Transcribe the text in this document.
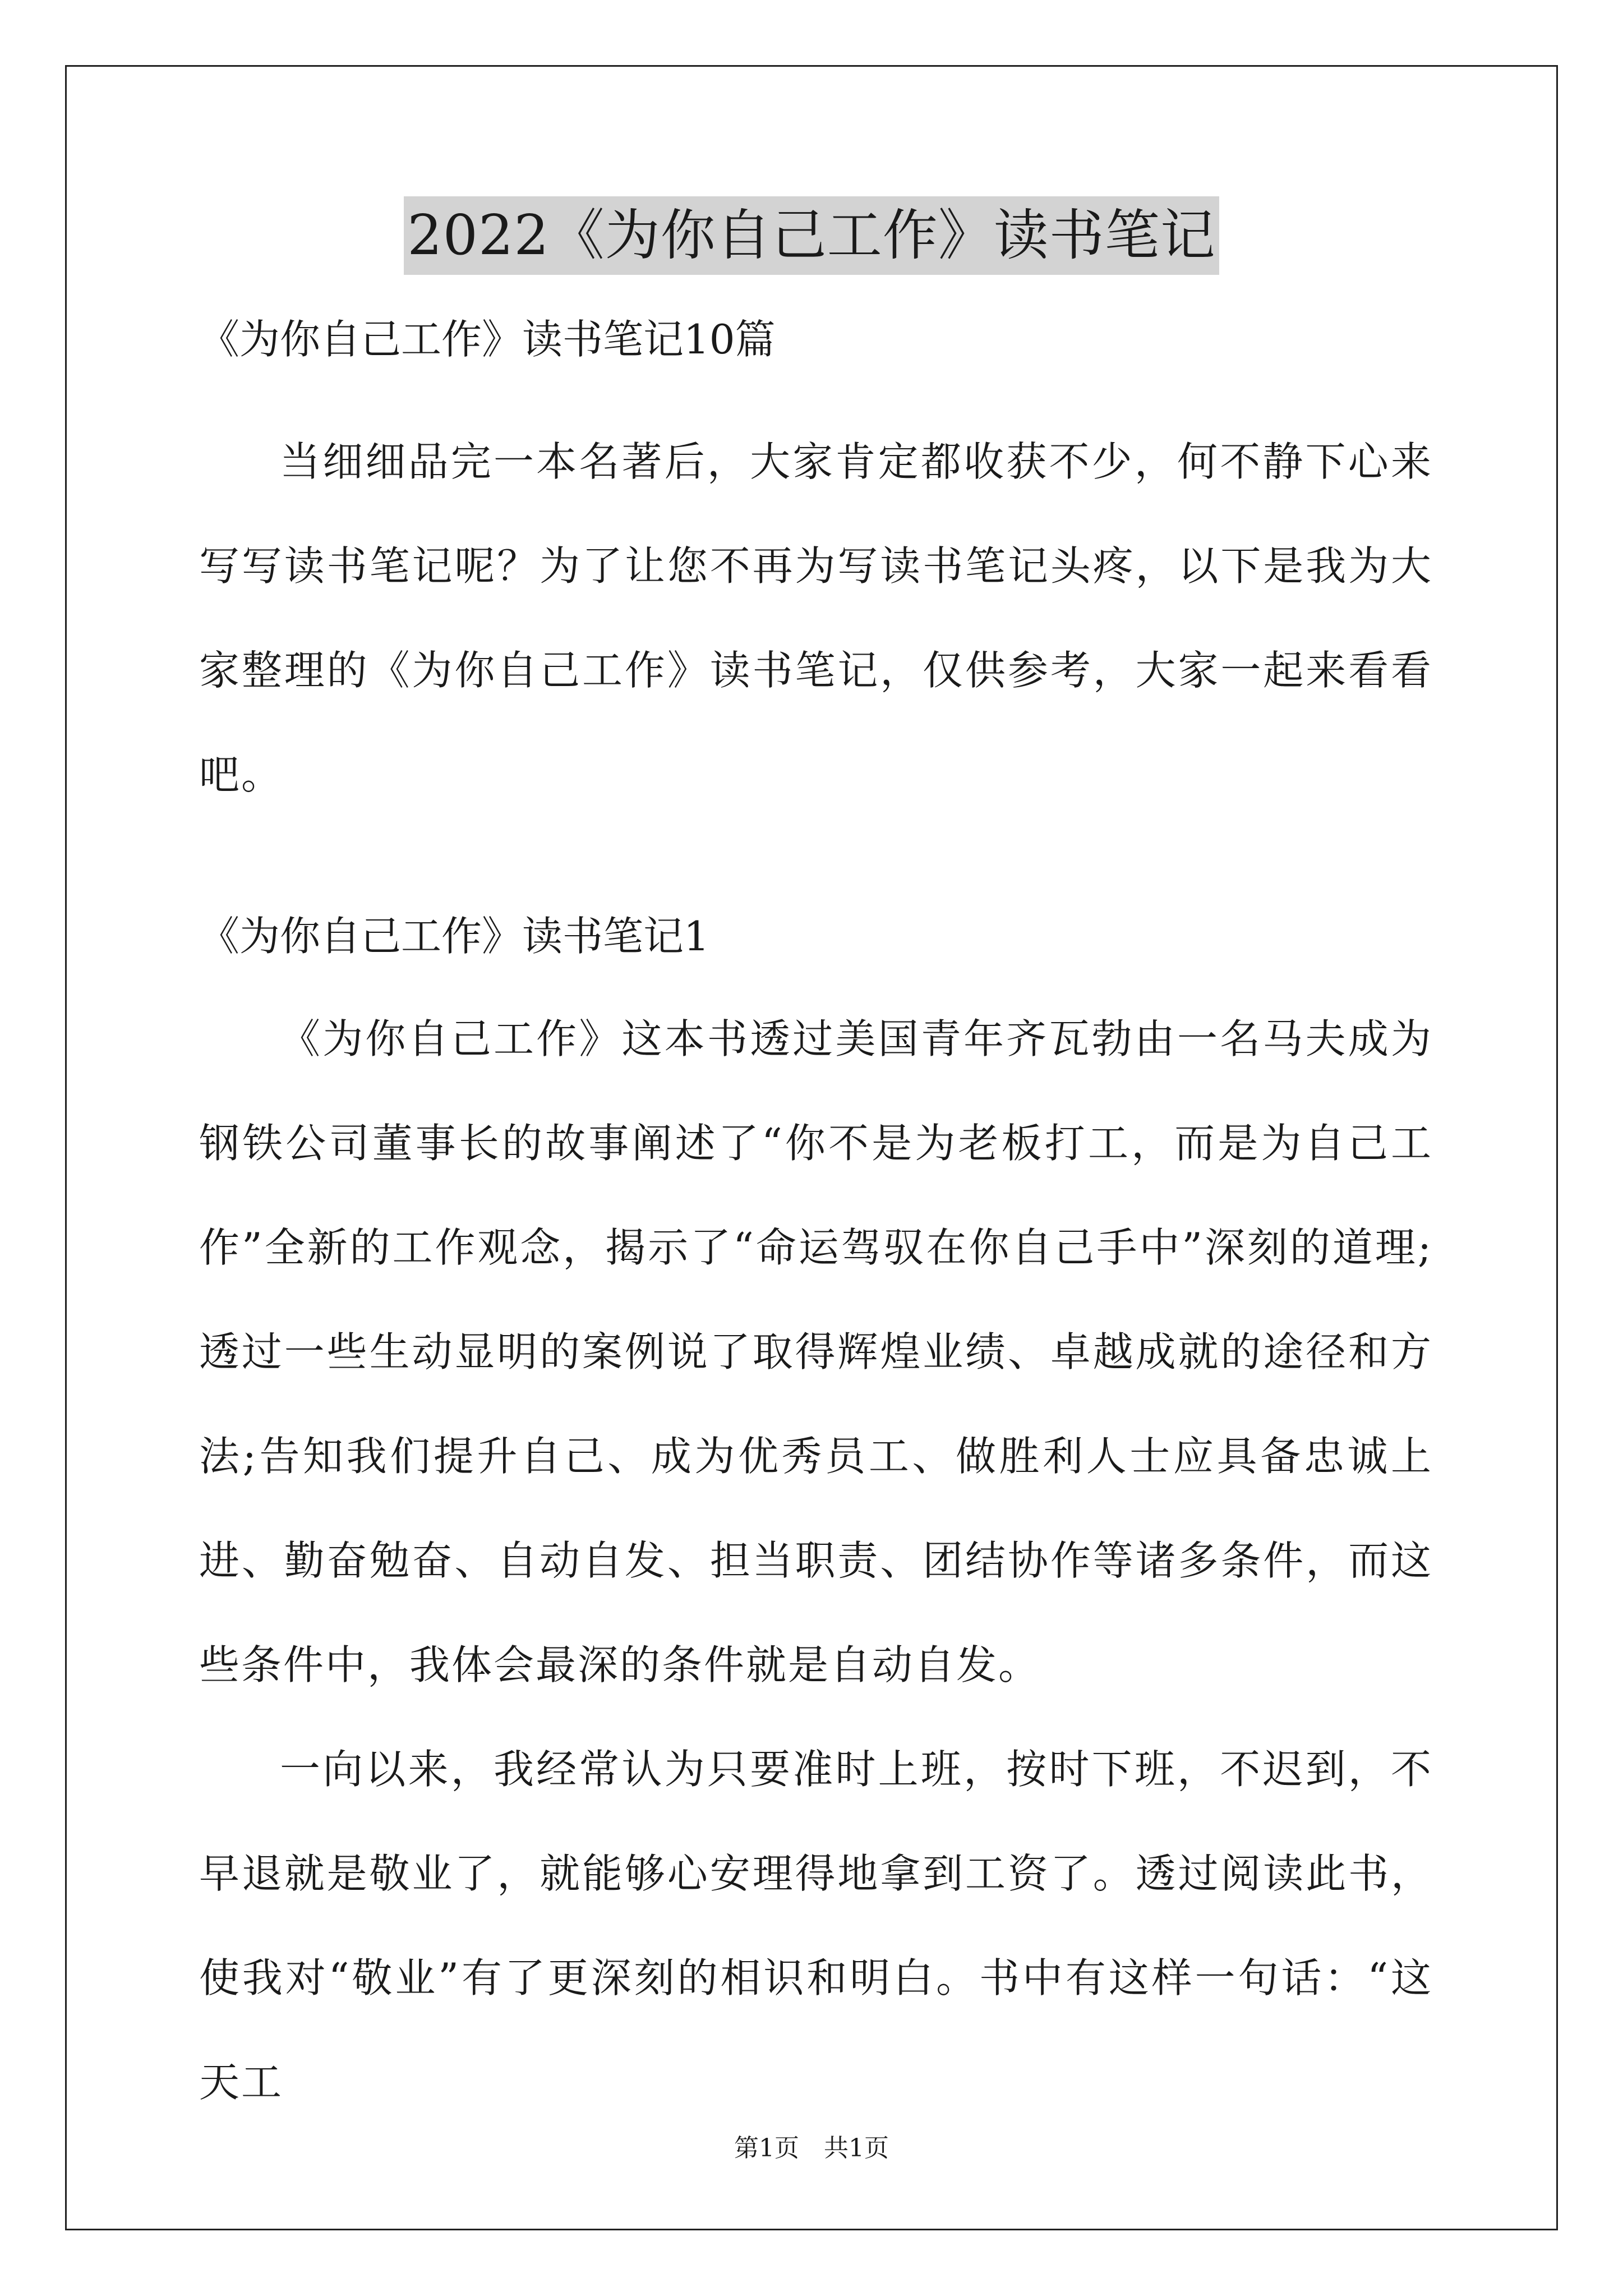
2022《为你自己工作》读书笔记

《为你自己工作》读书笔记10篇

当细细品完一本名著后，大家肯定都收获不少，何不静下心来写写读书笔记呢？为了让您不再为写读书笔记头疼，以下是我为大家整理的《为你自己工作》读书笔记，仅供参考，大家一起来看看吧。

《为你自己工作》读书笔记1

《为你自己工作》这本书透过美国青年齐瓦勃由一名马夫成为钢铁公司董事长的故事阐述了“你不是为老板打工，而是为自己工作”全新的工作观念，揭示了“命运驾驭在你自己手中”深刻的道理;透过一些生动显明的案例说了取得辉煌业绩、卓越成就的途径和方法;告知我们提升自己、成为优秀员工、做胜利人士应具备忠诚上进、勤奋勉奋、自动自发、担当职责、团结协作等诸多条件，而这些条件中，我体会最深的条件就是自动自发。

一向以来，我经常认为只要准时上班，按时下班，不迟到，不早退就是敬业了，就能够心安理得地拿到工资了。透过阅读此书，使我对“敬业”有了更深刻的相识和明白。书中有这样一句话：“这天工

第1页　共1页
